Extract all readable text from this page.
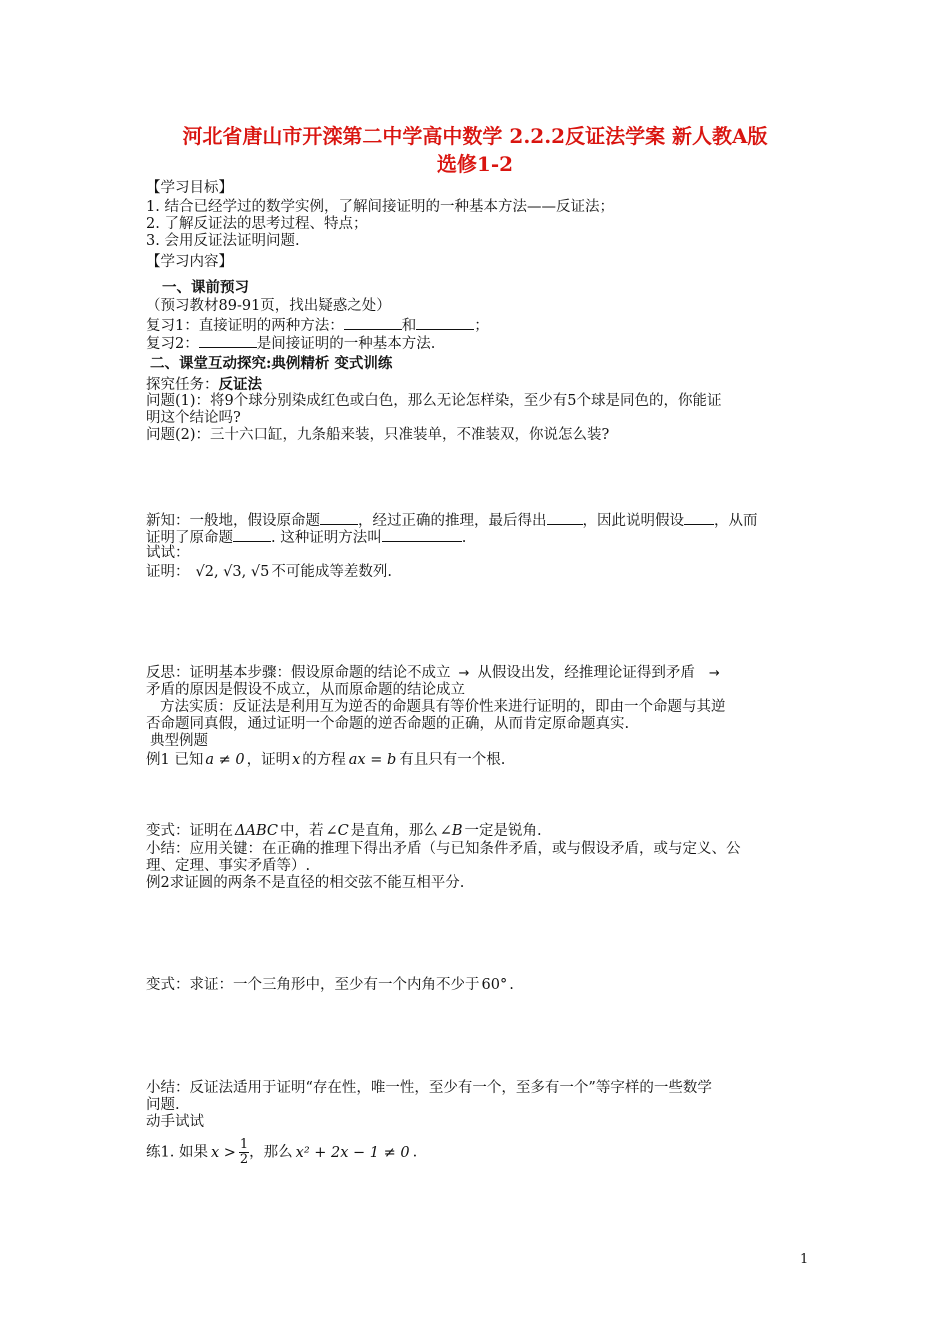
河北省唐山市开滦第二中学高中数学 2.2.2反证法学案 新人教A版
选修1-2
【学习目标】
1. 结合已经学过的数学实例，了解间接证明的一种基本方法——反证法；
2. 了解反证法的思考过程、特点；
3. 会用反证法证明问题.
【学习内容】
一、课前预习
（预习教材89-91页，找出疑惑之处）
复习1：直接证明的两种方法：	和	；
复习2：	是间接证明的一种基本方法.
二、课堂互动探究:典例精析 变式训练
探究任务：反证法
问题(1)：将9个球分别染成红色或白色，那么无论怎样染，至少有5个球是同色的，你能证
明这个结论吗?
问题(2)：三十六口缸，九条船来装，只准装单，不准装双，你说怎么装?
新知：一般地，假设原命题	，经过正确的推理，最后得出 ，因此说明假设 ，从而
证明了原命题	. 这种证明方法叫	.
试试：
证明： √2, √3, √5 不可能成等差数列.
反思：证明基本步骤：假设原命题的结论不成立 → 从假设出发，经推理论证得到矛盾 →
矛盾的原因是假设不成立，从而原命题的结论成立
方法实质：反证法是利用互为逆否的命题具有等价性来进行证明的，即由一个命题与其逆
否命题同真假，通过证明一个命题的逆否命题的正确，从而肯定原命题真实.
典型例题
例1 已知 a ≠ 0 ，证明 x 的方程 ax = b 有且只有一个根.
变式：证明在 ΔABC 中，若 ∠C 是直角，那么 ∠B 一定是锐角.
小结：应用关键：在正确的推理下得出矛盾（与已知条件矛盾，或与假设矛盾，或与定义、公
理、定理、事实矛盾等）.
例2求证圆的两条不是直径的相交弦不能互相平分.
变式：求证：一个三角形中，至少有一个内角不少于 60° .
小结：反证法适用于证明“存在性，唯一性，至少有一个，至多有一个”等字样的一些数学
问题.
动手试试
练1. 如果 $x > \frac{1}{2}$ ，那么 x² + 2x − 1 ≠ 0 .
1
